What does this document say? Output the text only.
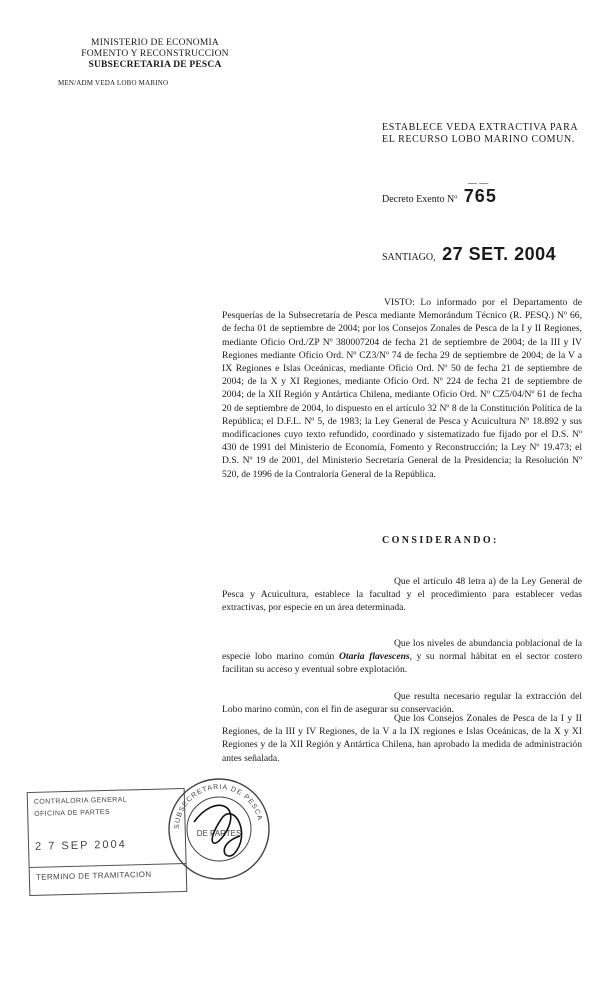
MINISTERIO DE ECONOMIA
FOMENTO Y RECONSTRUCCION
SUBSECRETARIA DE PESCA
MEN/ADM VEDA LOBO MARINO
ESTABLECE VEDA EXTRACTIVA PARA EL RECURSO LOBO MARINO COMUN.
— —
Decreto Exento Nº 765
SANTIAGO, 27 SET. 2004
VISTO: Lo informado por el Departamento de Pesquerías de la Subsecretaría de Pesca mediante Memorándum Técnico (R. PESQ.) Nº 66, de fecha 01 de septiembre de 2004; por los Consejos Zonales de Pesca de la I y II Regiones, mediante Oficio Ord./ZP Nº 380007204 de fecha 21 de septiembre de 2004; de la III y IV Regiones mediante Oficio Ord. Nº CZ3/Nº 74 de fecha 29 de septiembre de 2004; de la V a IX Regiones e Islas Oceánicas, mediante Oficio Ord. Nº 50 de fecha 21 de septiembre de 2004; de la X y XI Regiones, mediante Oficio Ord. Nº 224 de fecha 21 de septiembre de 2004; de la XII Región y Antártica Chilena, mediante Oficio Ord. Nº CZ5/04/Nº 61 de fecha 20 de septiembre de 2004, lo dispuesto en el artículo 32 Nº 8 de la Constitución Política de la República; el D.F.L. Nº 5, de 1983; la Ley General de Pesca y Acuicultura Nº 18.892 y sus modificaciones cuyo texto refundido, coordinado y sistematizado fue fijado por el D.S. Nº 430 de 1991 del Ministerio de Economía, Fomento y Reconstrucción; la Ley Nº 19.473; el D.S. Nº 19 de 2001, del Ministerio Secretaría General de la Presidencia; la Resolución Nº 520, de 1996 de la Contraloría General de la República.
CONSIDERANDO:
Que el artículo 48 letra a) de la Ley General de Pesca y Acuicultura, establece la facultad y el procedimiento para establecer vedas extractivas, por especie en un área determinada.
Que los niveles de abundancia poblacional de la especie lobo marino común Otaria flavescens, y su normal hábitat en el sector costero facilitan su acceso y eventual sobre explotación.
Que resulta necesario regular la extracción del Lobo marino común, con el fin de asegurar su conservación.
Que los Consejos Zonales de Pesca de la I y II Regiones, de la III y IV Regiones, de la V a la IX regiones e Islas Oceánicas, de la X y XI Regiones y de la XII Región y Antártica Chilena, han aprobado la medida de administración antes señalada.
CONTRALORIA GENERAL
OFICINA DE PARTES
2 7 SEP 2004
TERMINO DE TRAMITACION
SUBSECRETARIA DE PESCA
DE PARTES
